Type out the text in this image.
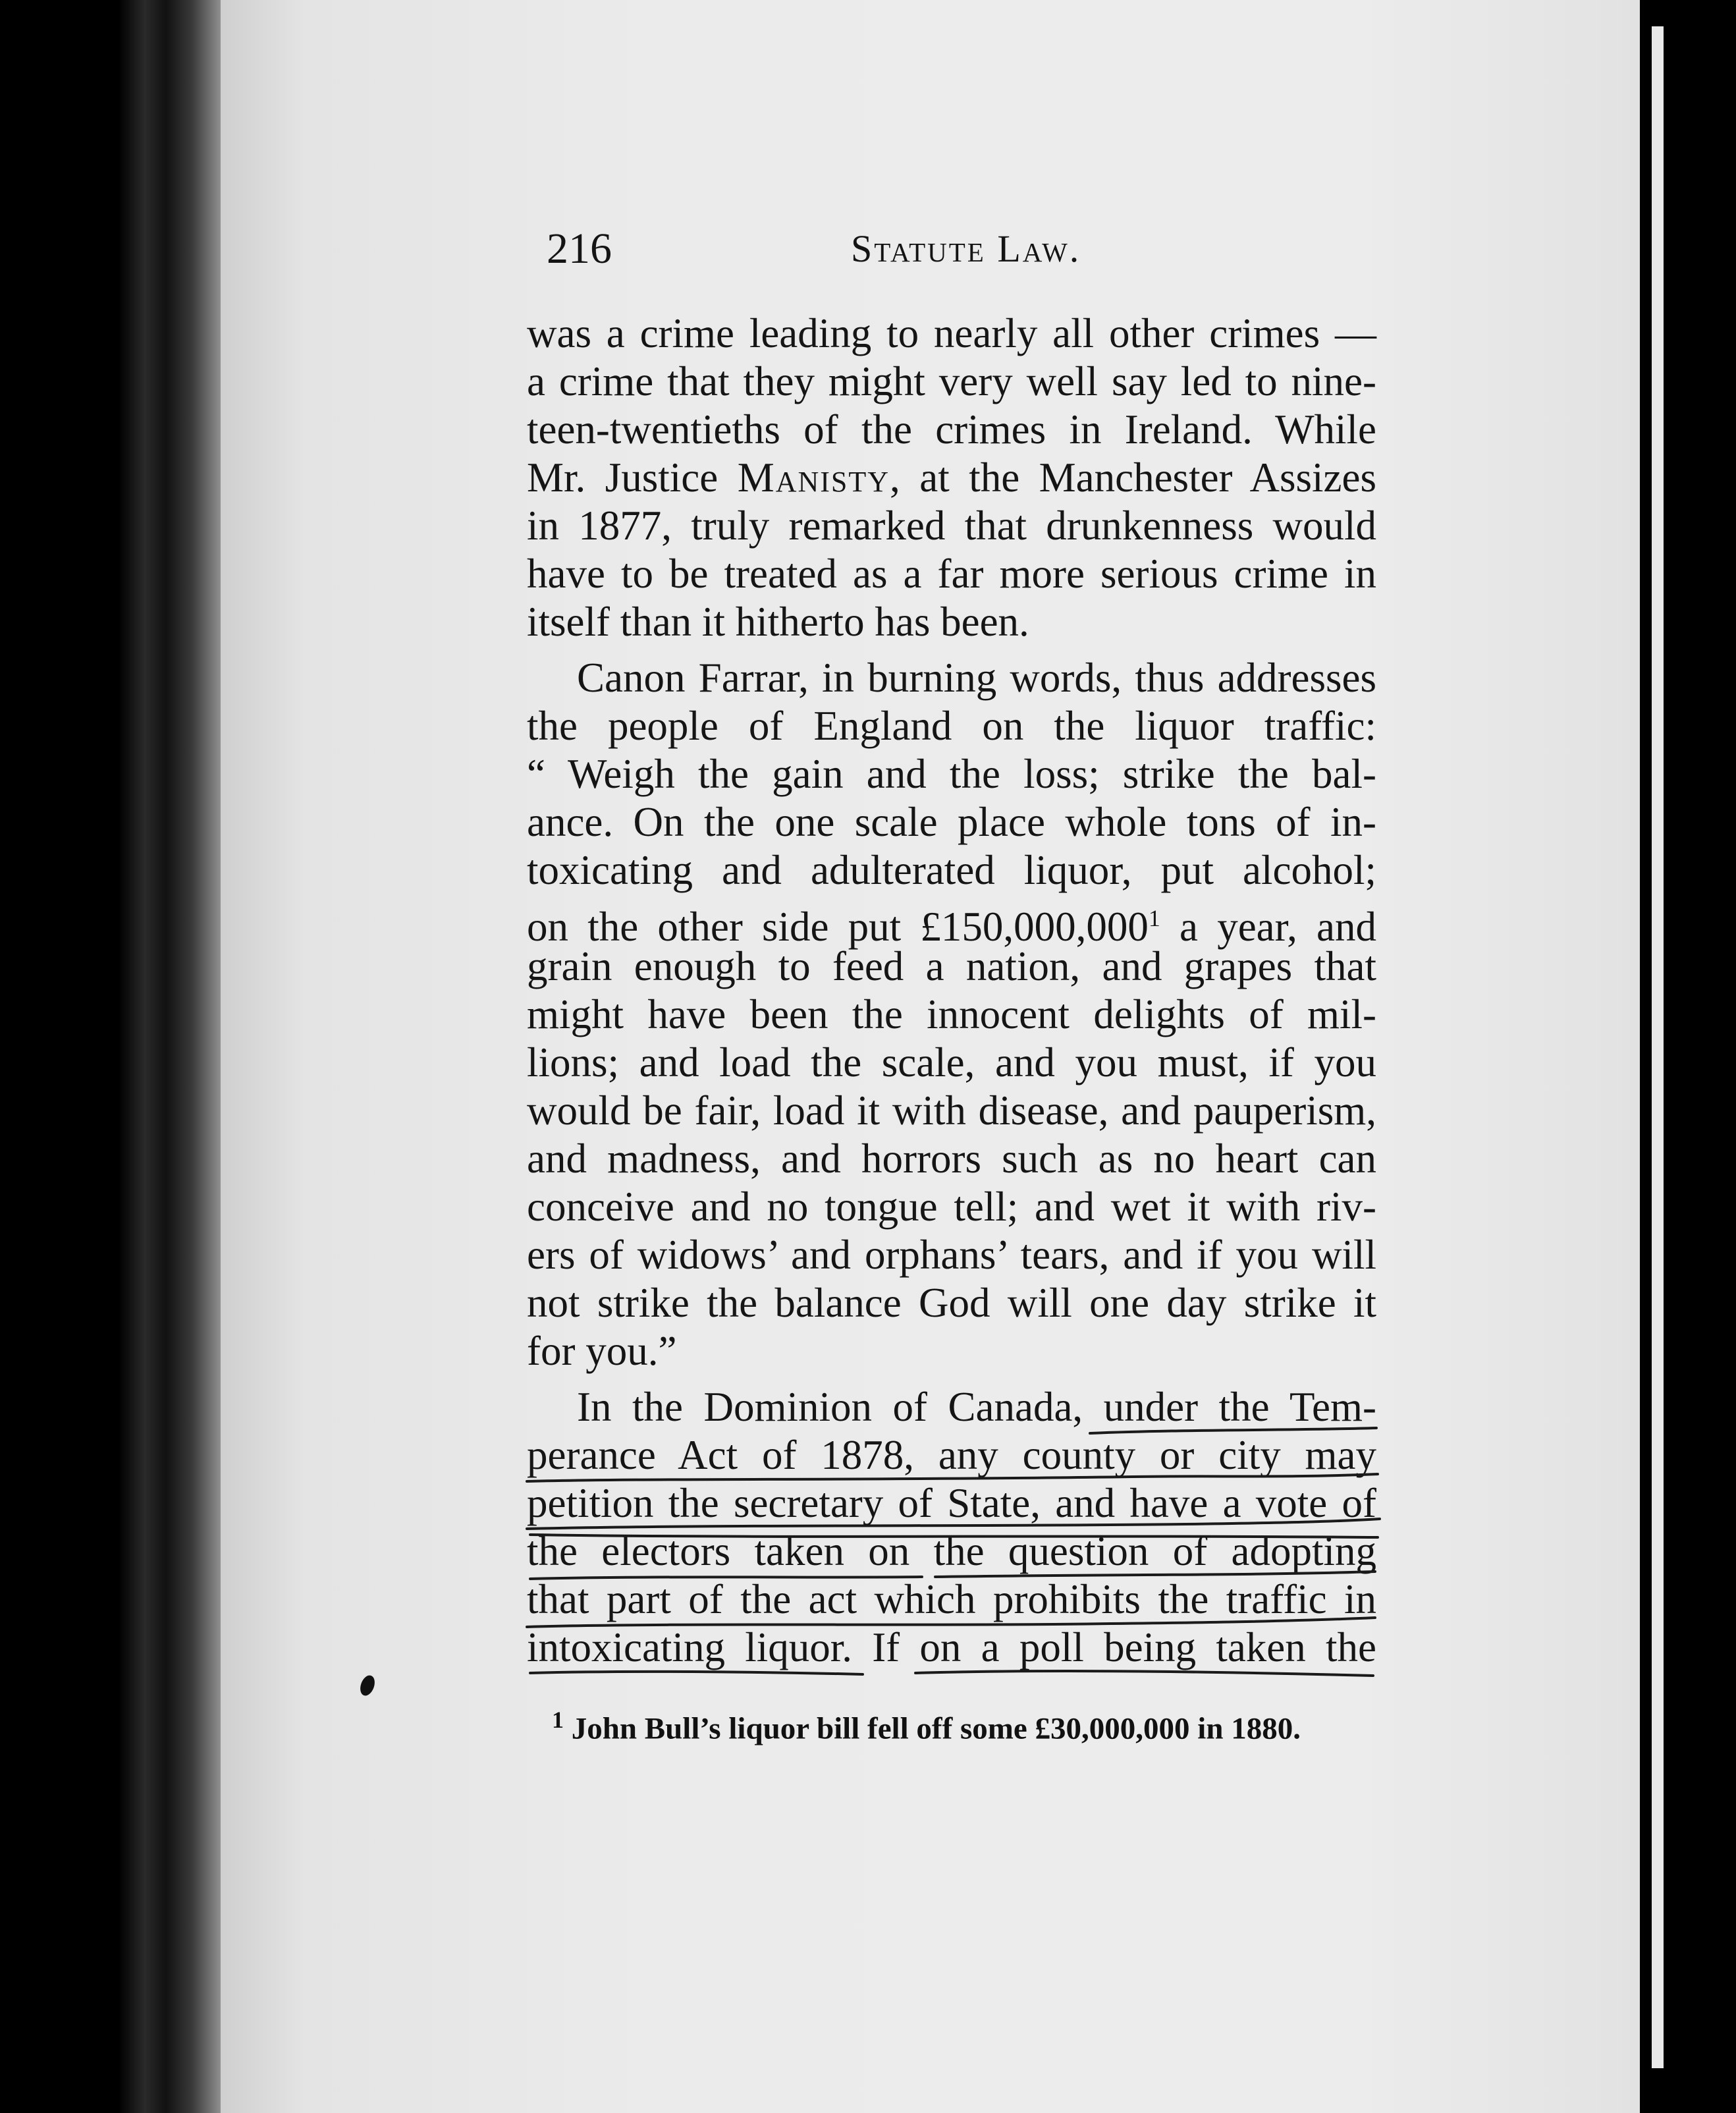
216	Statute Law.
was a crime leading to nearly all other crimes —
a crime that they might very well say led to nine-
teen-twentieths of the crimes in Ireland. While
Mr. Justice Manisty, at the Manchester Assizes
in 1877, truly remarked that drunkenness would
have to be treated as a far more serious crime in
itself than it hitherto has been.
Canon Farrar, in burning words, thus addresses
the people of England on the liquor traffic:
“ Weigh the gain and the loss; strike the bal-
ance. On the one scale place whole tons of in-
toxicating and adulterated liquor, put alcohol;
on the other side put £150,000,000$^1$ a year, and
grain enough to feed a nation, and grapes that
might have been the innocent delights of mil-
lions; and load the scale, and you must, if you
would be fair, load it with disease, and pauperism,
and madness, and horrors such as no heart can
conceive and no tongue tell; and wet it with riv-
ers of widows’ and orphans’ tears, and if you will
not strike the balance God will one day strike it
for you.”
In the Dominion of Canada, under the Tem-
perance Act of 1878, any county or city may
petition the secretary of State, and have a vote of
the electors taken on the question of adopting
that part of the act which prohibits the traffic in
intoxicating liquor. If on a poll being taken the
$^1$ John Bull’s liquor bill fell off some £30,000,000 in 1880.
